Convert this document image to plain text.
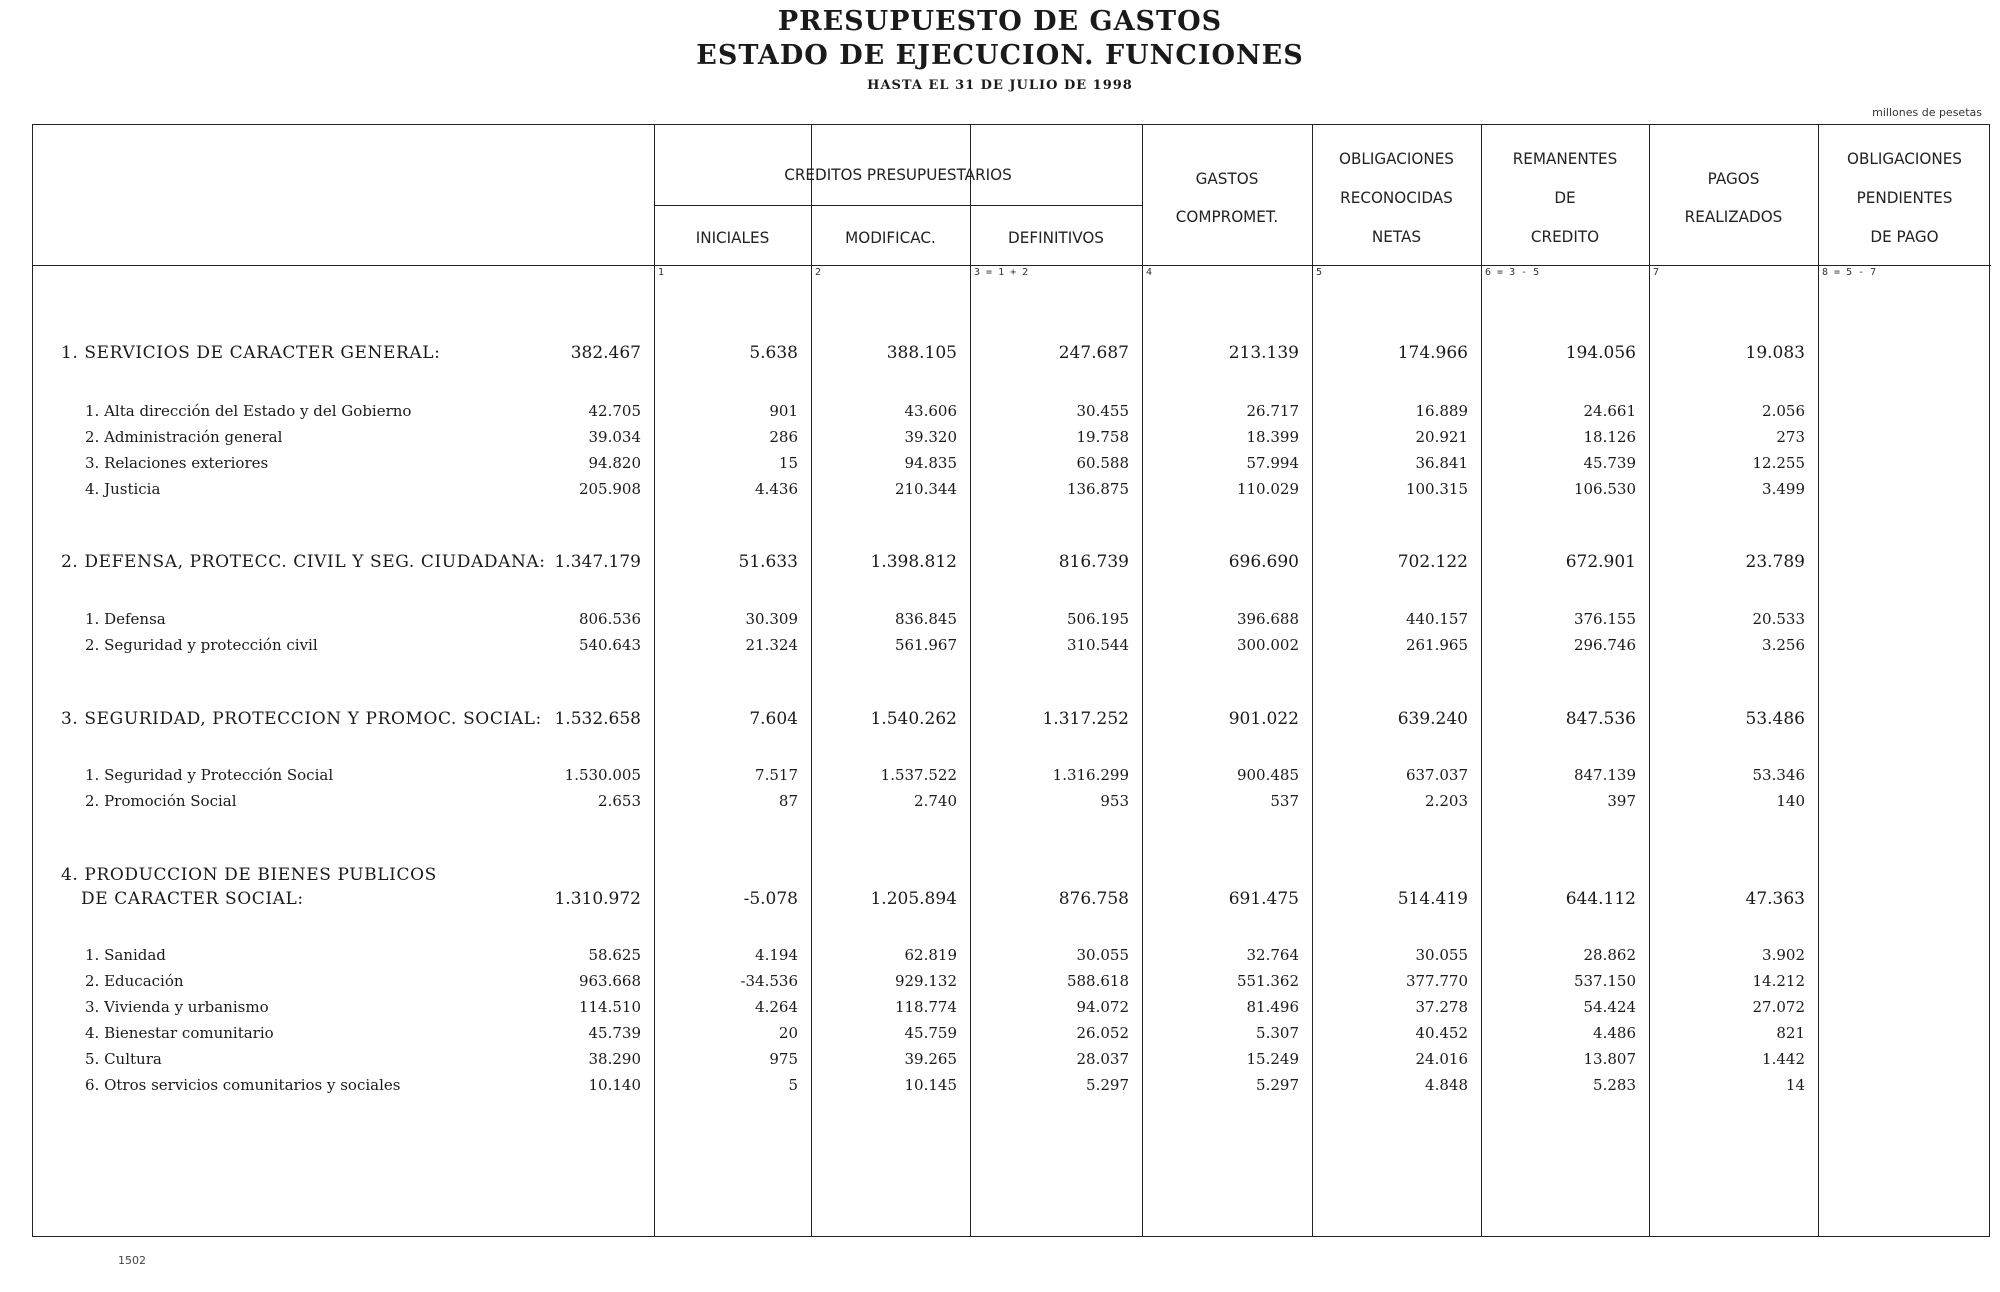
PRESUPUESTO DE GASTOS
ESTADO DE EJECUCION. FUNCIONES
HASTA EL 31 DE JULIO DE 1998
millones de pesetas
CREDITOS PRESUPUESTARIOS
INICIALES	MODIFICAC.	DEFINITIVOS
GASTOS
COMPROMET.
OBLIGACIONES
RECONOCIDAS
NETAS
REMANENTES
DE
CREDITO
PAGOS
REALIZADOS
OBLIGACIONES
PENDIENTES
DE PAGO
1	2	3 = 1 + 2	4	5	6 = 3 - 5	7	8 = 5 - 7
1. SERVICIOS DE CARACTER GENERAL:	382.467	5.638	388.105	247.687	213.139	174.966	194.056	19.083
1. Alta dirección del Estado y del Gobierno	42.705	901	43.606	30.455	26.717	16.889	24.661	2.056
2. Administración general	39.034	286	39.320	19.758	18.399	20.921	18.126	273
3. Relaciones exteriores	94.820	15	94.835	60.588	57.994	36.841	45.739	12.255
4. Justicia	205.908	4.436	210.344	136.875	110.029	100.315	106.530	3.499
2. DEFENSA, PROTECC. CIVIL Y SEG. CIUDADANA: 1.347.179	51.633	1.398.812	816.739	696.690	702.122	672.901	23.789
1. Defensa	806.536	30.309	836.845	506.195	396.688	440.157	376.155	20.533
2. Seguridad y protección civil	540.643	21.324	561.967	310.544	300.002	261.965	296.746	3.256
3. SEGURIDAD, PROTECCION Y PROMOC. SOCIAL: 1.532.658	7.604	1.540.262	1.317.252	901.022	639.240	847.536	53.486
1. Seguridad y Protección Social	1.530.005	7.517	1.537.522	1.316.299	900.485	637.037	847.139	53.346
2. Promoción Social	2.653	87	2.740	953	537	2.203	397	140
4. PRODUCCION DE BIENES PUBLICOS
DE CARACTER SOCIAL:	1.310.972	-5.078	1.205.894	876.758	691.475	514.419	644.112	47.363
1. Sanidad	58.625	4.194	62.819	30.055	32.764	30.055	28.862	3.902
2. Educación	963.668	-34.536	929.132	588.618	551.362	377.770	537.150	14.212
3. Vivienda y urbanismo	114.510	4.264	118.774	94.072	81.496	37.278	54.424	27.072
4. Bienestar comunitario	45.739	20	45.759	26.052	5.307	40.452	4.486	821
5. Cultura	38.290	975	39.265	28.037	15.249	24.016	13.807	1.442
6. Otros servicios comunitarios y sociales	10.140	5	10.145	5.297	5.297	4.848	5.283	14
1502
